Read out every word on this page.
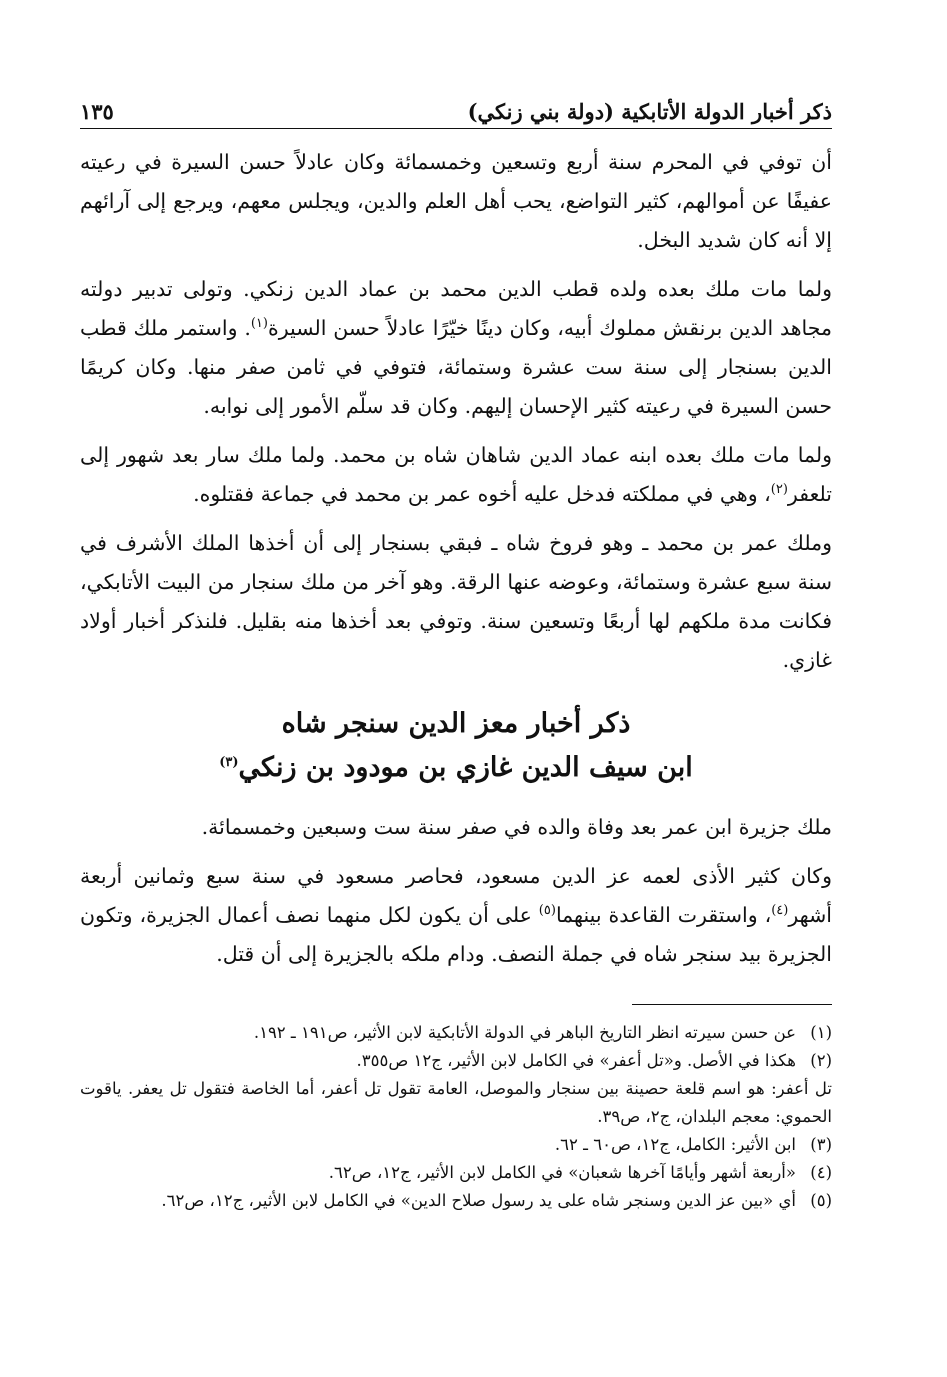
ذكر أخبار الدولة الأتابكية (دولة بني زنكي)
١٣٥

أن توفي في المحرم سنة أربع وتسعين وخمسمائة وكان عادلاً حسن السيرة في رعيته عفيفًا عن أموالهم، كثير التواضع، يحب أهل العلم والدين، ويجلس معهم، ويرجع إلى آرائهم إلا أنه كان شديد البخل.

ولما مات ملك بعده ولده قطب الدين محمد بن عماد الدين زنكي. وتولى تدبير دولته مجاهد الدين برنقش مملوك أبيه، وكان دينًا خيّرًا عادلاً حسن السيرة$^{(١)}$. واستمر ملك قطب الدين بسنجار إلى سنة ست عشرة وستمائة، فتوفي في ثامن صفر منها. وكان كريمًا حسن السيرة في رعيته كثير الإحسان إليهم. وكان قد سلّم الأمور إلى نوابه.

ولما مات ملك بعده ابنه عماد الدين شاهان شاه بن محمد. ولما ملك سار بعد شهور إلى تلعفر$^{(٢)}$، وهي في مملكته فدخل عليه أخوه عمر بن محمد في جماعة فقتلوه.

وملك عمر بن محمد ـ وهو فروخ شاه ـ فبقي بسنجار إلى أن أخذها الملك الأشرف في سنة سبع عشرة وستمائة، وعوضه عنها الرقة. وهو آخر من ملك سنجار من البيت الأتابكي، فكانت مدة ملكهم لها أربعًا وتسعين سنة. وتوفي بعد أخذها منه بقليل. فلنذكر أخبار أولاد غازي.

ذكر أخبار معز الدين سنجر شاه
ابن سيف الدين غازي بن مودود بن زنكي$^{(٣)}$

ملك جزيرة ابن عمر بعد وفاة والده في صفر سنة ست وسبعين وخمسمائة.

وكان كثير الأذى لعمه عز الدين مسعود، فحاصر مسعود في سنة سبع وثمانين أربعة أشهر$^{(٤)}$، واستقرت القاعدة بينهما$^{(٥)}$ على أن يكون لكل منهما نصف أعمال الجزيرة، وتكون الجزيرة بيد سنجر شاه في جملة النصف. ودام ملكه بالجزيرة إلى أن قتل.

(١)
عن حسن سيرته انظر التاريخ الباهر في الدولة الأتابكية لابن الأثير، ص١٩١ ـ ١٩٢.
(٢)
هكذا في الأصل. و«تل أعفر» في الكامل لابن الأثير، ج١٢ ص٣٥٥.
تل أعفر: هو اسم قلعة حصينة بين سنجار والموصل، العامة تقول تل أعفر، أما الخاصة فتقول تل يعفر. ياقوت الحموي: معجم البلدان، ج٢، ص٣٩.
(٣)
ابن الأثير: الكامل، ج١٢، ص٦٠ ـ ٦٢.
(٤)
«أربعة أشهر وأيامًا آخرها شعبان» في الكامل لابن الأثير، ج١٢، ص٦٢.
(٥)
أي «بين عز الدين وسنجر شاه على يد رسول صلاح الدين» في الكامل لابن الأثير، ج١٢، ص٦٢.
